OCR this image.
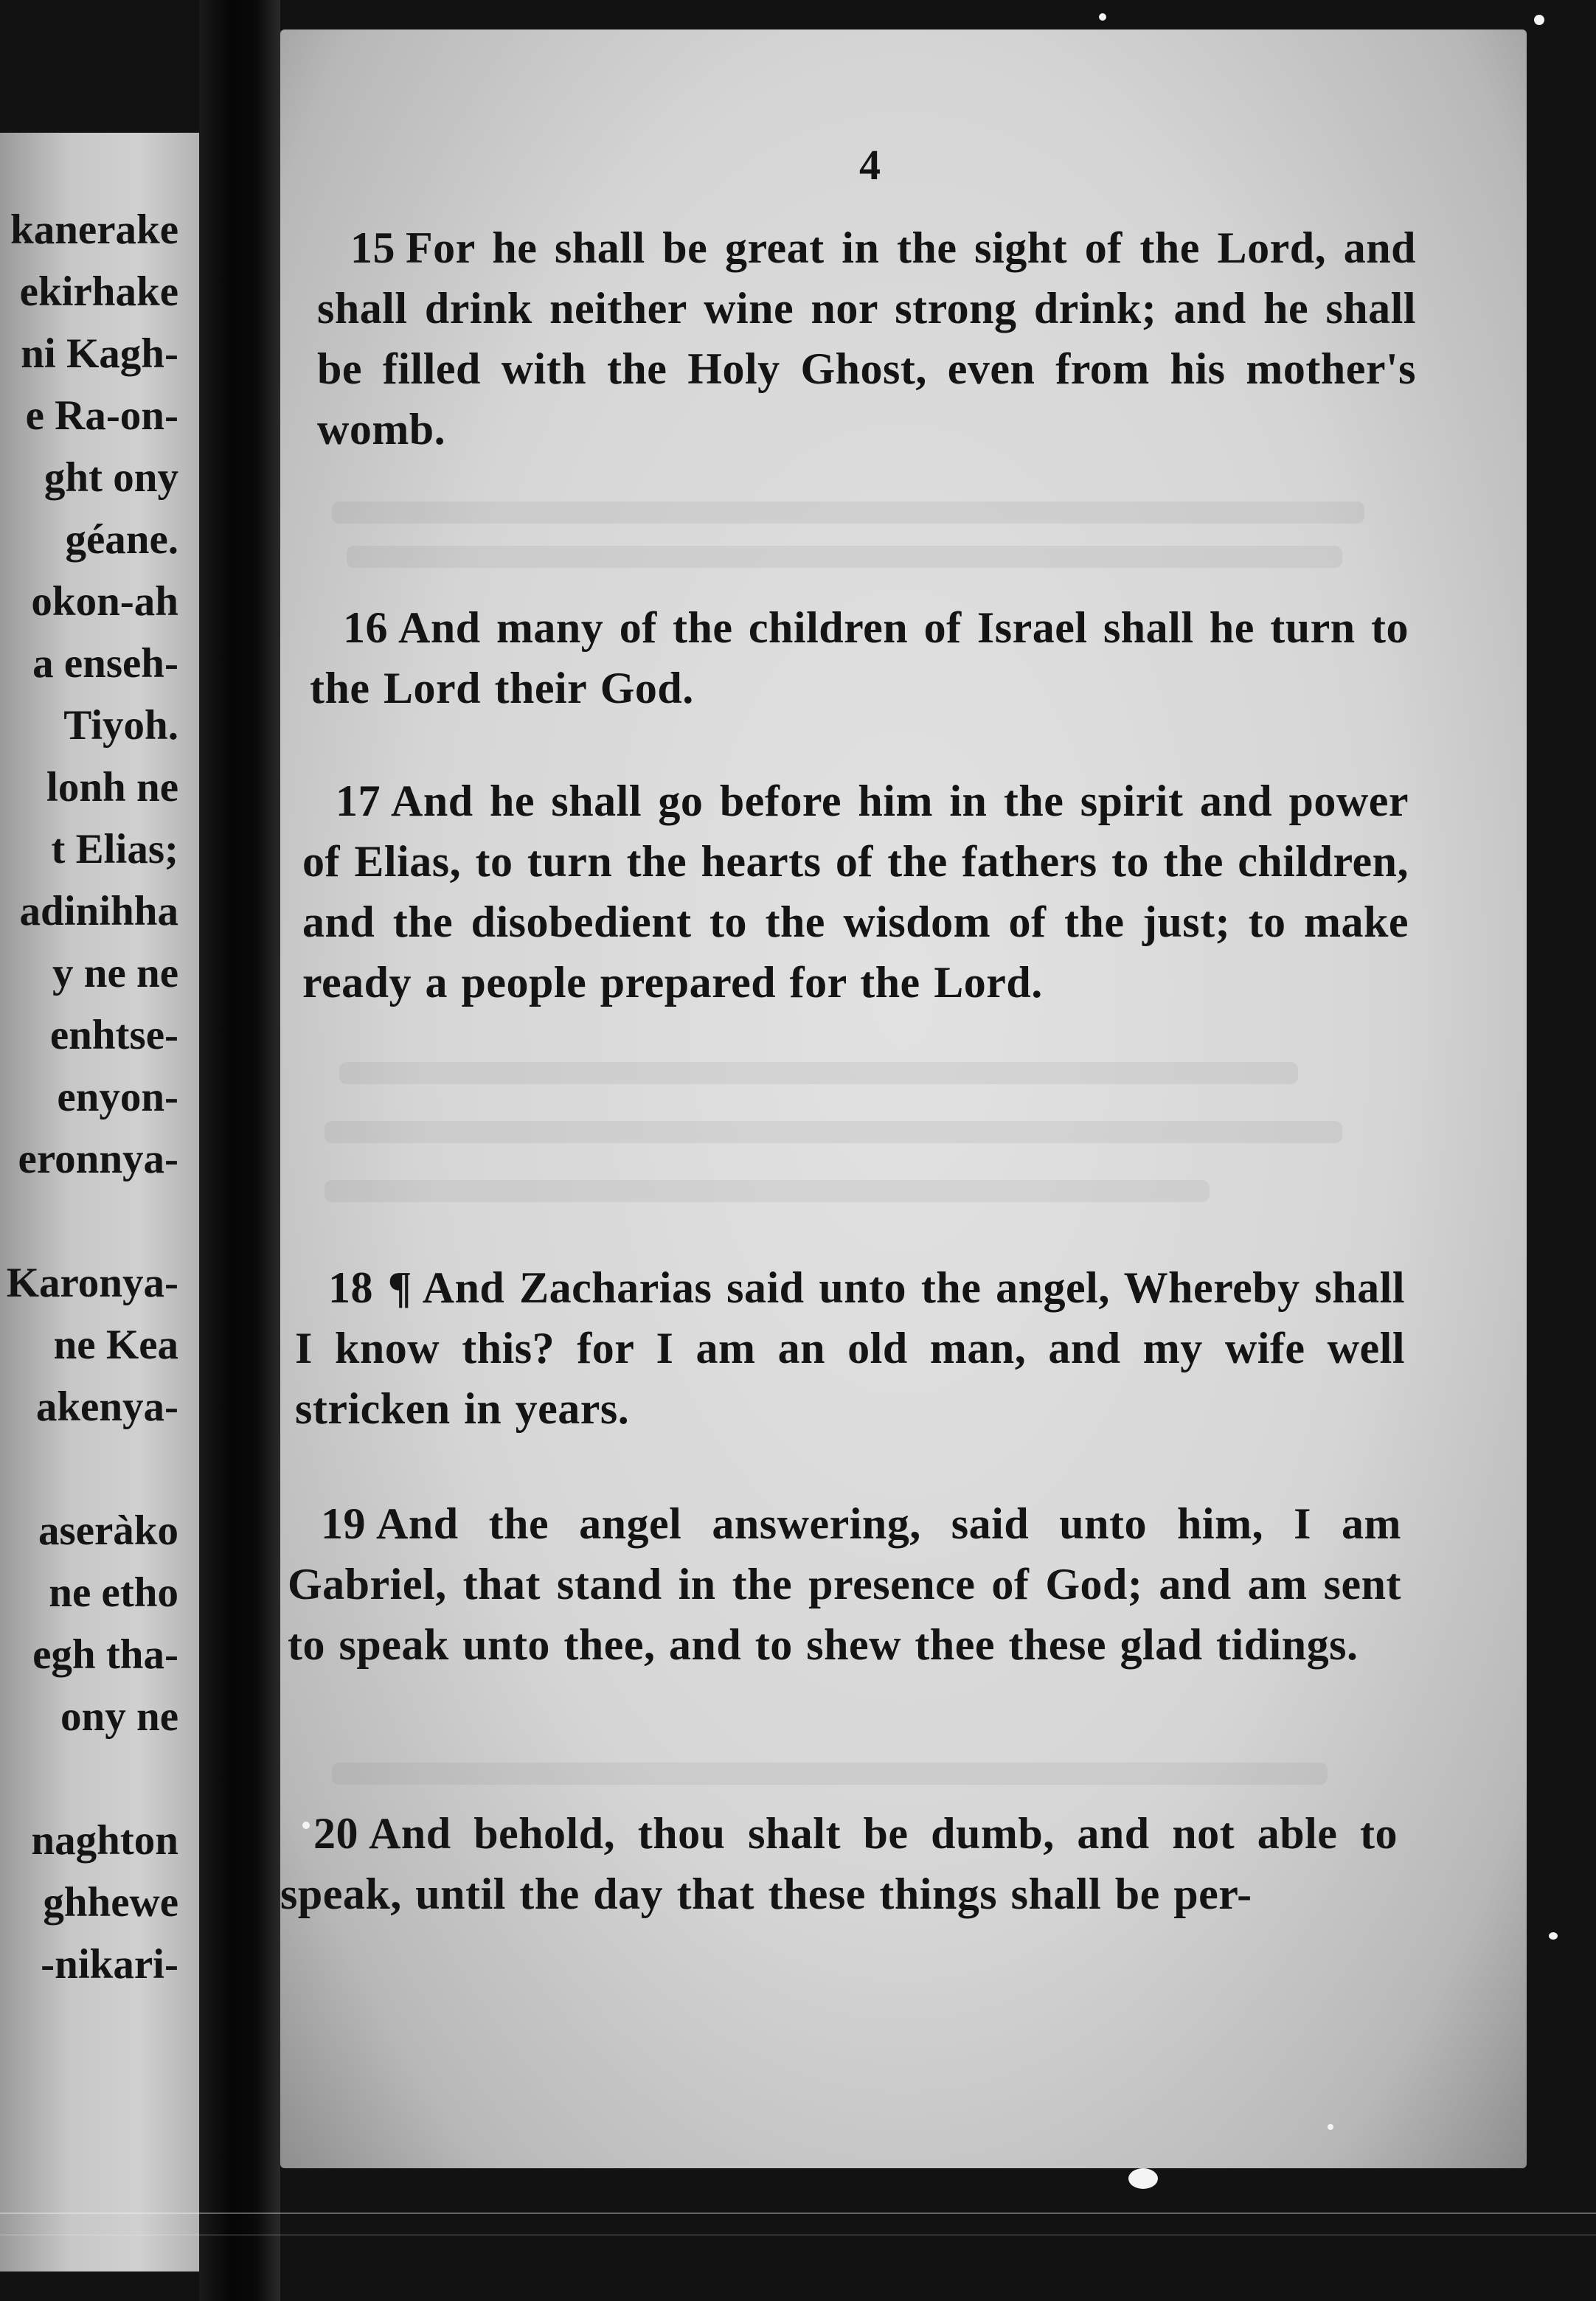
kanerake
ekirhake
ni Kagh-
e Ra-on-
ght ony
géane.
okon-ah
a enseh-
Tiyoh.
lonh ne
t Elias;
adinihha
y ne ne
enhtse-
enyon-
eronnya-
Karonya-
ne Kea
akenya-
aseràko
ne etho
egh tha-
ony ne
naghton
ghhewe
-nikari-
4
15 For he shall be great in the sight of the Lord, and shall drink neither wine nor strong drink; and he shall be filled with the Holy Ghost, even from his mother's womb.
16 And many of the children of Israel shall he turn to the Lord their God.
17 And he shall go before him in the spirit and power of Elias, to turn the hearts of the fathers to the children, and the disobedient to the wisdom of the just; to make ready a people prepared for the Lord.
18 ¶ And Zacharias said unto the angel, Whereby shall I know this? for I am an old man, and my wife well stricken in years.
19 And the angel answering, said unto him, I am Gabriel, that stand in the presence of God; and am sent to speak unto thee, and to shew thee these glad tidings.
20 And behold, thou shalt be dumb, and not able to speak, until the day that these things shall be per-
